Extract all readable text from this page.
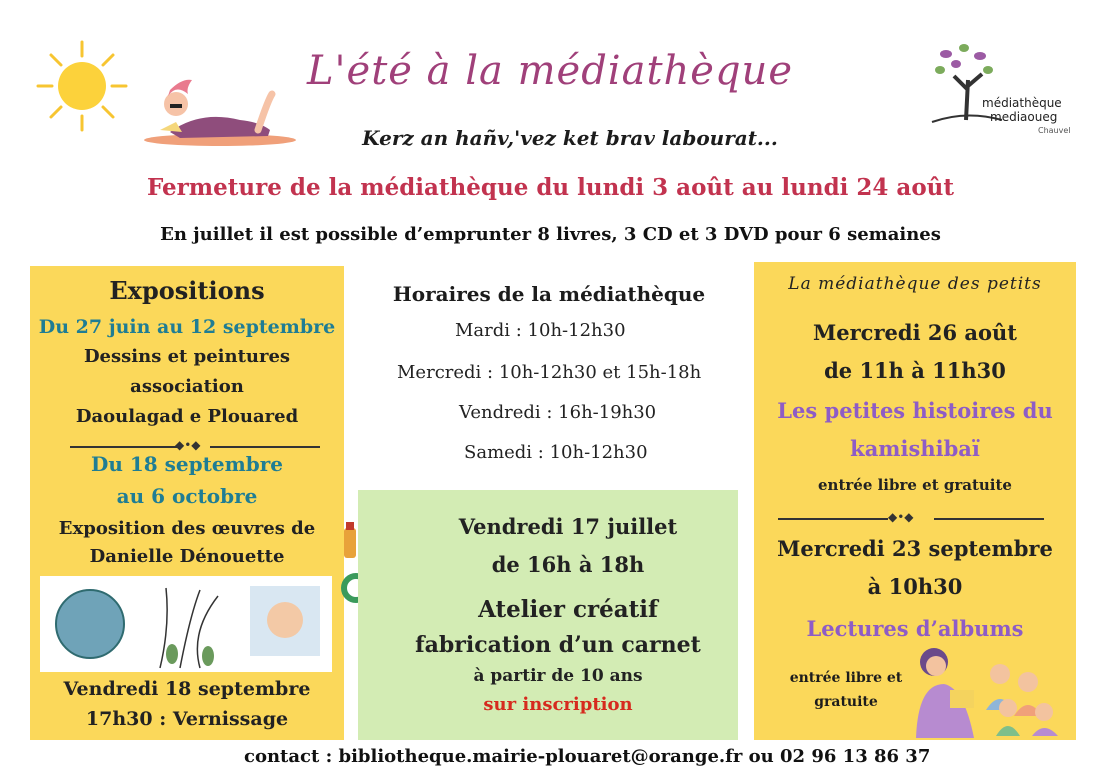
L'été à la médiathèque
Kerz an hañv,'vez ket brav labourat...
médiathèque
mediaoueg
Chauvel
Fermeture de la médiathèque du lundi 3 août au lundi 24 août
En juillet il est possible d’emprunter 8 livres, 3 CD et 3 DVD pour 6 semaines
Expositions
Du 27 juin au 12 septembre
Dessins et peintures
association
Daoulagad e Plouared
◆•◆
Du 18 septembre
au 6 octobre
Exposition des œuvres de
Danielle Dénouette
Vendredi 18 septembre
17h30 : Vernissage
Horaires de la médiathèque
Mardi : 10h-12h30
Mercredi : 10h-12h30 et 15h-18h
Vendredi : 16h-19h30
Samedi : 10h-12h30
Vendredi 17 juillet
de 16h à 18h
Atelier créatif
fabrication d’un carnet
à partir de 10 ans
sur inscription
La médiathèque des petits
Mercredi 26 août
de 11h à 11h30
Les petites histoires du
kamishibaï
entrée libre et gratuite
◆•◆
Mercredi 23 septembre
à 10h30
Lectures d’albums
entrée libre et
gratuite
contact : bibliotheque.mairie-plouaret@orange.fr ou 02 96 13 86 37
